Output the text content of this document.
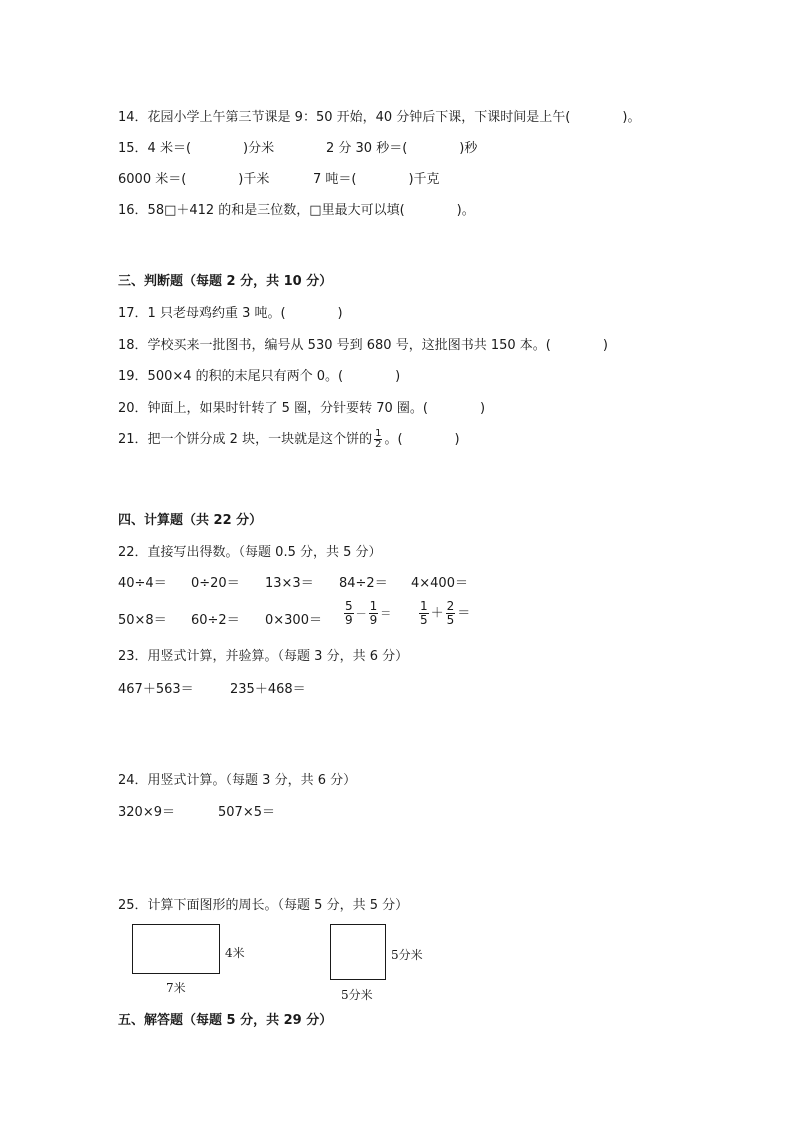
14．花园小学上午第三节课是 9：50 开始，40 分钟后下课，下课时间是上午(　　　　)。
15．4 米＝(　　　　)分米	2 分 30 秒＝(　　　　)秒
6000 米＝(　　　　)千米	7 吨＝(　　　　)千克
16．58□＋412 的和是三位数，□里最大可以填(　　　　)。
三、判断题（每题 2 分，共 10 分）
17．1 只老母鸡约重 3 吨。(　　　　)
18．学校买来一批图书，编号从 530 号到 680 号，这批图书共 150 本。(　　　　)
19．500×4 的积的末尾只有两个 0。(　　　　)
20．钟面上，如果时针转了 5 圈，分针要转 70 圈。(　　　　)
21．把一个饼分成 2 块，一块就是这个饼的 $\frac{1}{2}$ 。(　　　　)
四、计算题（共 22 分）
22．直接写出得数。（每题 0.5 分，共 5 分）
40÷4＝ 0÷20＝ 13×3＝ 84÷2＝ 4×400＝
$50\times 8= 60\div 2= 0\times 300= \frac{5}{9} - \frac{1}{9} = \frac{1}{5} + \frac{2}{5}$ ＝
23．用竖式计算，并验算。（每题 3 分，共 6 分）
467＋563＝	235＋468＝
24．用竖式计算。（每题 3 分，共 6 分）
320×9＝	507×5＝
25．计算下面图形的周长。（每题 5 分，共 5 分）
4米
7米
5分米
5分米
五、解答题（每题 5 分，共 29 分）
